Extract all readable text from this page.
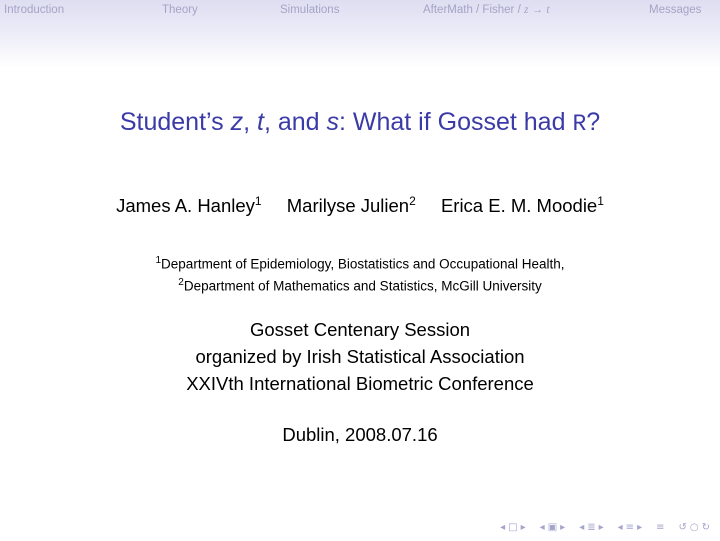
Introduction	Theory	Simulations	AfterMath / Fisher / z → t	Messages
Student’s z, t, and s: What if Gosset had R?
James A. Hanley$^1$ Marilyse Julien$^2$ Erica E. M. Moodie$^1$
$^1$Department of Epidemiology, Biostatistics and Occupational Health,
$^2$Department of Mathematics and Statistics, McGill University
Gosset Centenary Session
organized by Irish Statistical Association
XXIVth International Biometric Conference
Dublin, 2008.07.16
◂ □ ▸ ◂ ▣ ▸ ◂ ≣ ▸ ◂ ≡ ▸ ≡ ↺ ○ ↻
